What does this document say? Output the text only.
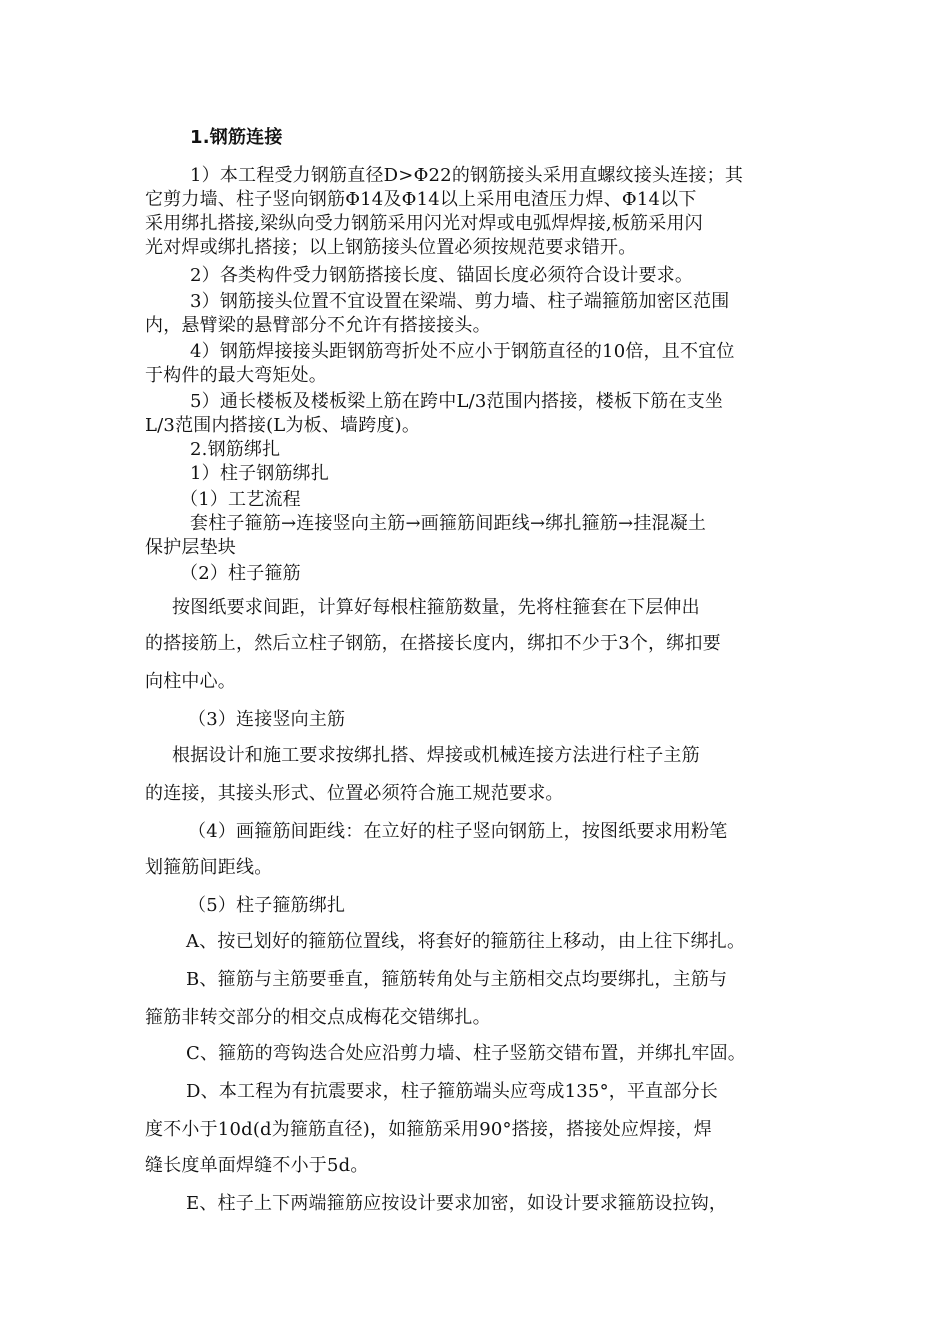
1.钢筋连接
1）本工程受力钢筋直径D>Φ22的钢筋接头采用直螺纹接头连接；其
它剪力墙、柱子竖向钢筋Φ14及Φ14以上采用电渣压力焊、Φ14以下
采用绑扎搭接,梁纵向受力钢筋采用闪光对焊或电弧焊焊接,板筋采用闪
光对焊或绑扎搭接；以上钢筋接头位置必须按规范要求错开。
2）各类构件受力钢筋搭接长度、锚固长度必须符合设计要求。
3）钢筋接头位置不宜设置在梁端、剪力墙、柱子端箍筋加密区范围
内，悬臂梁的悬臂部分不允许有搭接接头。
4）钢筋焊接接头距钢筋弯折处不应小于钢筋直径的10倍，且不宜位
于构件的最大弯矩处。
5）通长楼板及楼板梁上筋在跨中L/3范围内搭接，楼板下筋在支坐
L/3范围内搭接(L为板、墙跨度)。
2.钢筋绑扎
1）柱子钢筋绑扎
（1）工艺流程
套柱子箍筋→连接竖向主筋→画箍筋间距线→绑扎箍筋→挂混凝土
保护层垫块
（2）柱子箍筋
按图纸要求间距，计算好每根柱箍筋数量，先将柱箍套在下层伸出
的搭接筋上，然后立柱子钢筋，在搭接长度内，绑扣不少于3个，绑扣要
向柱中心。
（3）连接竖向主筋
根据设计和施工要求按绑扎搭、焊接或机械连接方法进行柱子主筋
的连接，其接头形式、位置必须符合施工规范要求。
（4）画箍筋间距线：在立好的柱子竖向钢筋上，按图纸要求用粉笔
划箍筋间距线。
（5）柱子箍筋绑扎
A、按已划好的箍筋位置线，将套好的箍筋往上移动，由上往下绑扎。
B、箍筋与主筋要垂直，箍筋转角处与主筋相交点均要绑扎，主筋与
箍筋非转交部分的相交点成梅花交错绑扎。
C、箍筋的弯钩迭合处应沿剪力墙、柱子竖筋交错布置，并绑扎牢固。
D、本工程为有抗震要求，柱子箍筋端头应弯成135°，平直部分长
度不小于10d(d为箍筋直径)，如箍筋采用90°搭接，搭接处应焊接，焊
缝长度单面焊缝不小于5d。
E、柱子上下两端箍筋应按设计要求加密，如设计要求箍筋设拉钩，
